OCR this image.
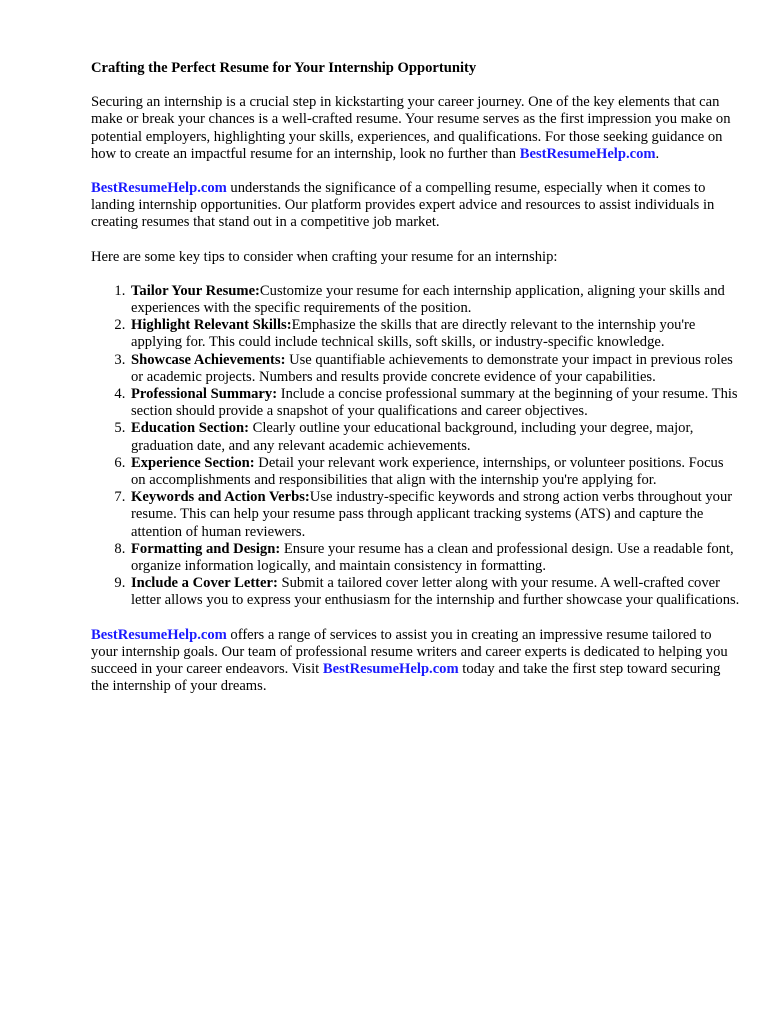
Crafting the Perfect Resume for Your Internship Opportunity

Securing an internship is a crucial step in kickstarting your career journey. One of the key elements that can make or break your chances is a well-crafted resume. Your resume serves as the first impression you make on potential employers, highlighting your skills, experiences, and qualifications. For those seeking guidance on how to create an impactful resume for an internship, look no further than BestResumeHelp.com.

BestResumeHelp.com understands the significance of a compelling resume, especially when it comes to landing internship opportunities. Our platform provides expert advice and resources to assist individuals in creating resumes that stand out in a competitive job market.

Here are some key tips to consider when crafting your resume for an internship:

1. Tailor Your Resume:Customize your resume for each internship application, aligning your skills and experiences with the specific requirements of the position.
2. Highlight Relevant Skills:Emphasize the skills that are directly relevant to the internship you're applying for. This could include technical skills, soft skills, or industry-specific knowledge.
3. Showcase Achievements: Use quantifiable achievements to demonstrate your impact in previous roles or academic projects. Numbers and results provide concrete evidence of your capabilities.
4. Professional Summary: Include a concise professional summary at the beginning of your resume. This section should provide a snapshot of your qualifications and career objectives.
5. Education Section: Clearly outline your educational background, including your degree, major, graduation date, and any relevant academic achievements.
6. Experience Section: Detail your relevant work experience, internships, or volunteer positions. Focus on accomplishments and responsibilities that align with the internship you're applying for.
7. Keywords and Action Verbs:Use industry-specific keywords and strong action verbs throughout your resume. This can help your resume pass through applicant tracking systems (ATS) and capture the attention of human reviewers.
8. Formatting and Design: Ensure your resume has a clean and professional design. Use a readable font, organize information logically, and maintain consistency in formatting.
9. Include a Cover Letter: Submit a tailored cover letter along with your resume. A well-crafted cover letter allows you to express your enthusiasm for the internship and further showcase your qualifications.

BestResumeHelp.com offers a range of services to assist you in creating an impressive resume tailored to your internship goals. Our team of professional resume writers and career experts is dedicated to helping you succeed in your career endeavors. Visit BestResumeHelp.com today and take the first step toward securing the internship of your dreams.
